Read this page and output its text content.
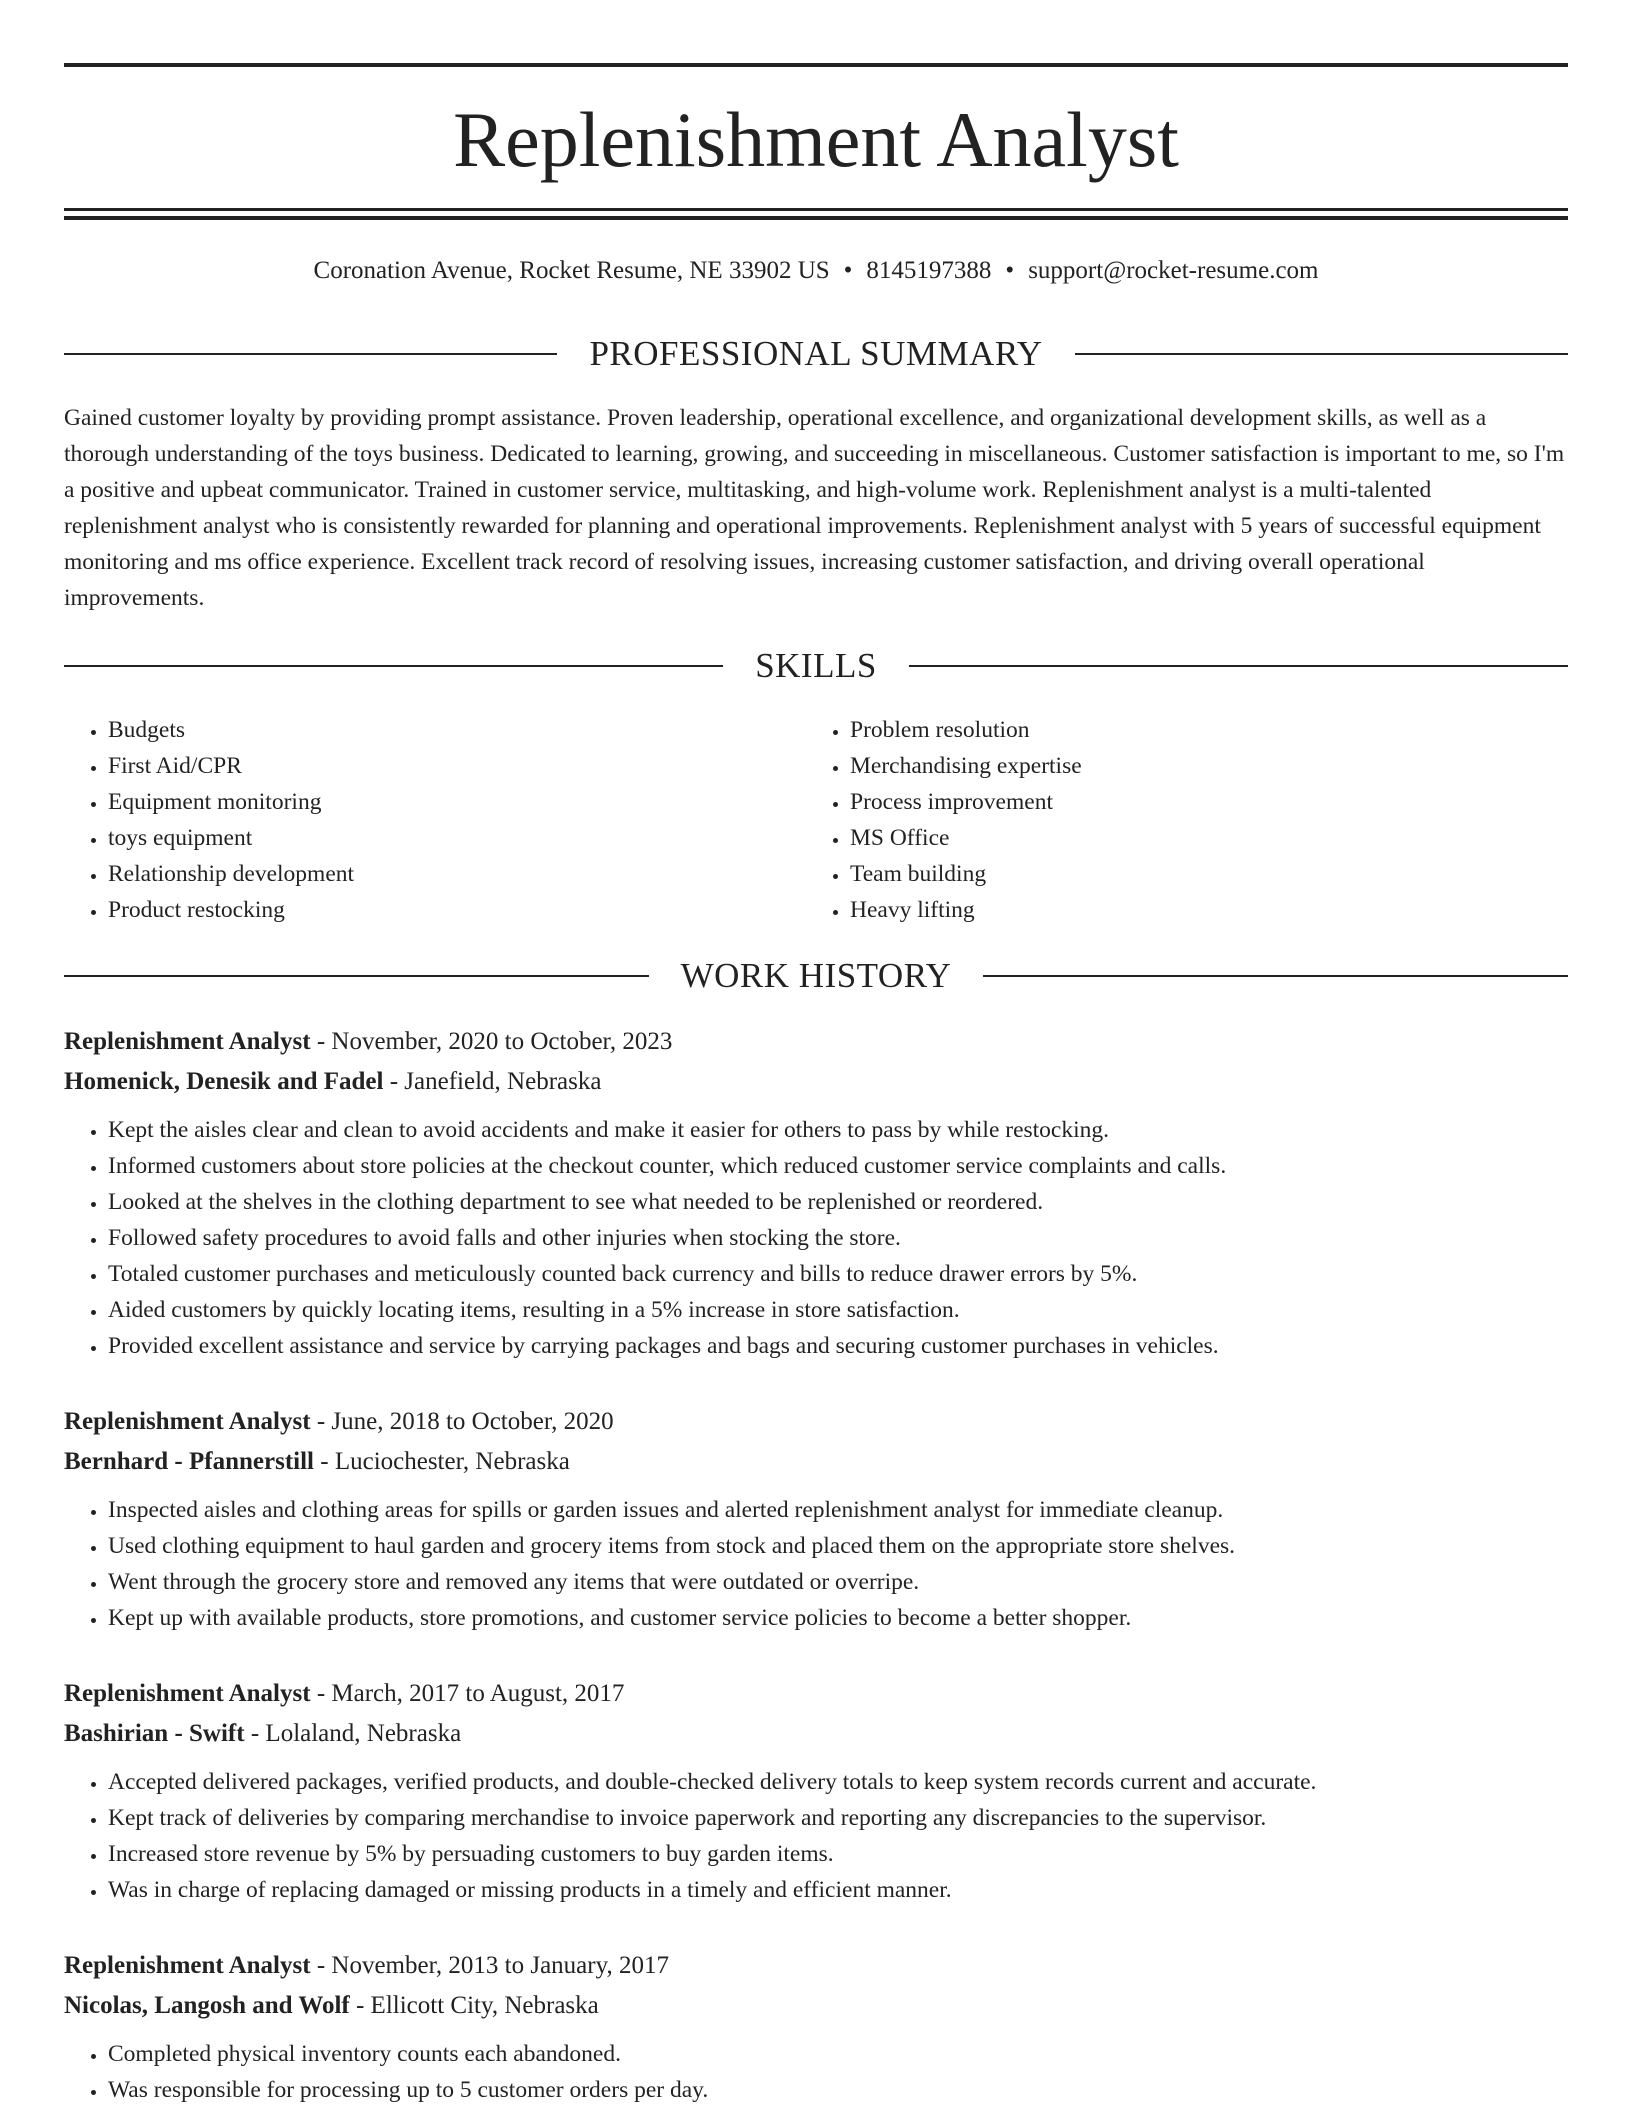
Replenishment Analyst
Coronation Avenue, Rocket Resume, NE 33902 US • 8145197388 • support@rocket-resume.com
PROFESSIONAL SUMMARY

Gained customer loyalty by providing prompt assistance. Proven leadership, operational excellence, and organizational development skills, as well as a thorough understanding of the toys business. Dedicated to learning, growing, and succeeding in miscellaneous. Customer satisfaction is important to me, so I'm a positive and upbeat communicator. Trained in customer service, multitasking, and high-volume work. Replenishment analyst is a multi-talented replenishment analyst who is consistently rewarded for planning and operational improvements. Replenishment analyst with 5 years of successful equipment monitoring and ms office experience. Excellent track record of resolving issues, increasing customer satisfaction, and driving overall operational improvements.

SKILLS
• Budgets
• First Aid/CPR
• Equipment monitoring
• toys equipment
• Relationship development
• Product restocking
• Problem resolution
• Merchandising expertise
• Process improvement
• MS Office
• Team building
• Heavy lifting
WORK HISTORY
Replenishment Analyst - November, 2020 to October, 2023
Homenick, Denesik and Fadel - Janefield, Nebraska
• Kept the aisles clear and clean to avoid accidents and make it easier for others to pass by while restocking.
• Informed customers about store policies at the checkout counter, which reduced customer service complaints and calls.
• Looked at the shelves in the clothing department to see what needed to be replenished or reordered.
• Followed safety procedures to avoid falls and other injuries when stocking the store.
• Totaled customer purchases and meticulously counted back currency and bills to reduce drawer errors by 5%.
• Aided customers by quickly locating items, resulting in a 5% increase in store satisfaction.
• Provided excellent assistance and service by carrying packages and bags and securing customer purchases in vehicles.
Replenishment Analyst - June, 2018 to October, 2020
Bernhard - Pfannerstill - Luciochester, Nebraska
• Inspected aisles and clothing areas for spills or garden issues and alerted replenishment analyst for immediate cleanup.
• Used clothing equipment to haul garden and grocery items from stock and placed them on the appropriate store shelves.
• Went through the grocery store and removed any items that were outdated or overripe.
• Kept up with available products, store promotions, and customer service policies to become a better shopper.
Replenishment Analyst - March, 2017 to August, 2017
Bashirian - Swift - Lolaland, Nebraska
• Accepted delivered packages, verified products, and double-checked delivery totals to keep system records current and accurate.
• Kept track of deliveries by comparing merchandise to invoice paperwork and reporting any discrepancies to the supervisor.
• Increased store revenue by 5% by persuading customers to buy garden items.
• Was in charge of replacing damaged or missing products in a timely and efficient manner.
Replenishment Analyst - November, 2013 to January, 2017
Nicolas, Langosh and Wolf - Ellicott City, Nebraska
• Completed physical inventory counts each abandoned.
• Was responsible for processing up to 5 customer orders per day.
